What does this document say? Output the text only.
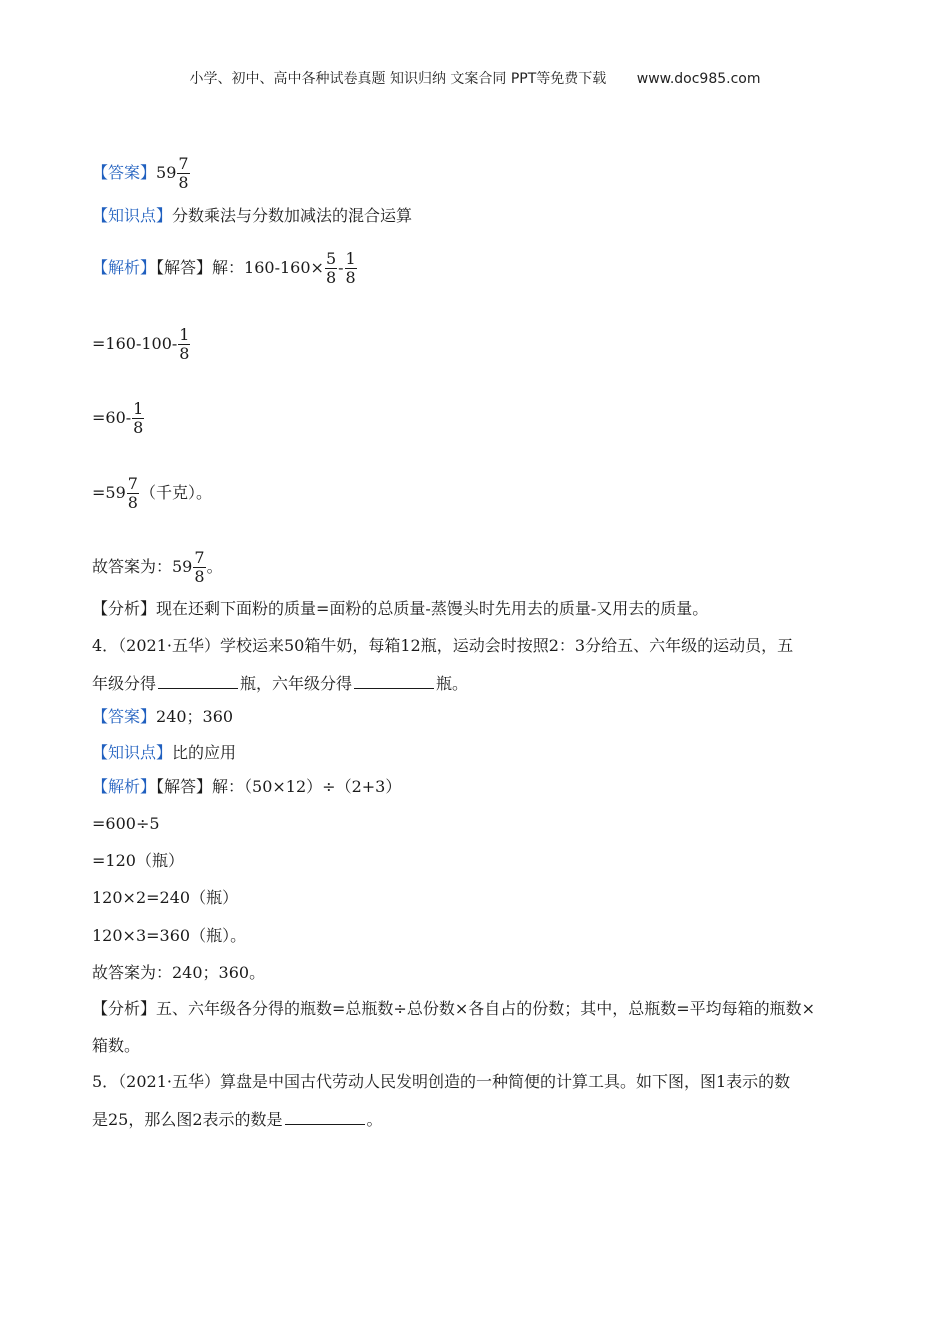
小学、初中、高中各种试卷真题 知识归纳 文案合同 PPT等免费下载 www.doc985.com
【答案】$59 \frac{7}{8}$
【知识点】分数乘法与分数加减法的混合运算
【解析】【解答】解：$160-160\times \frac{5}{8} - \frac{1}{8}$
$=160-100- \frac{1}{8}$
$=60- \frac{1}{8}$
$=59 \frac{7}{8}$ （千克）。
故答案为：$59 \frac{7}{8}$ 。
【分析】现在还剩下面粉的质量=面粉的总质量-蒸馒头时先用去的质量-又用去的质量。
4．（2021·五华）学校运来50箱牛奶，每箱12瓶，运动会时按照2：3分给五、六年级的运动员，五
年级分得	瓶，六年级分得	瓶。
【答案】240；360
【知识点】比的应用
【解析】【解答】解：（50×12）÷（2+3）
=600÷5
=120（瓶）
120×2=240（瓶）
120×3=360（瓶）。
故答案为：240；360。
【分析】五、六年级各分得的瓶数=总瓶数÷总份数×各自占的份数；其中，总瓶数=平均每箱的瓶数×
箱数。
5．（2021·五华）算盘是中国古代劳动人民发明创造的一种简便的计算工具。如下图，图1表示的数
是25，那么图2表示的数是	。
